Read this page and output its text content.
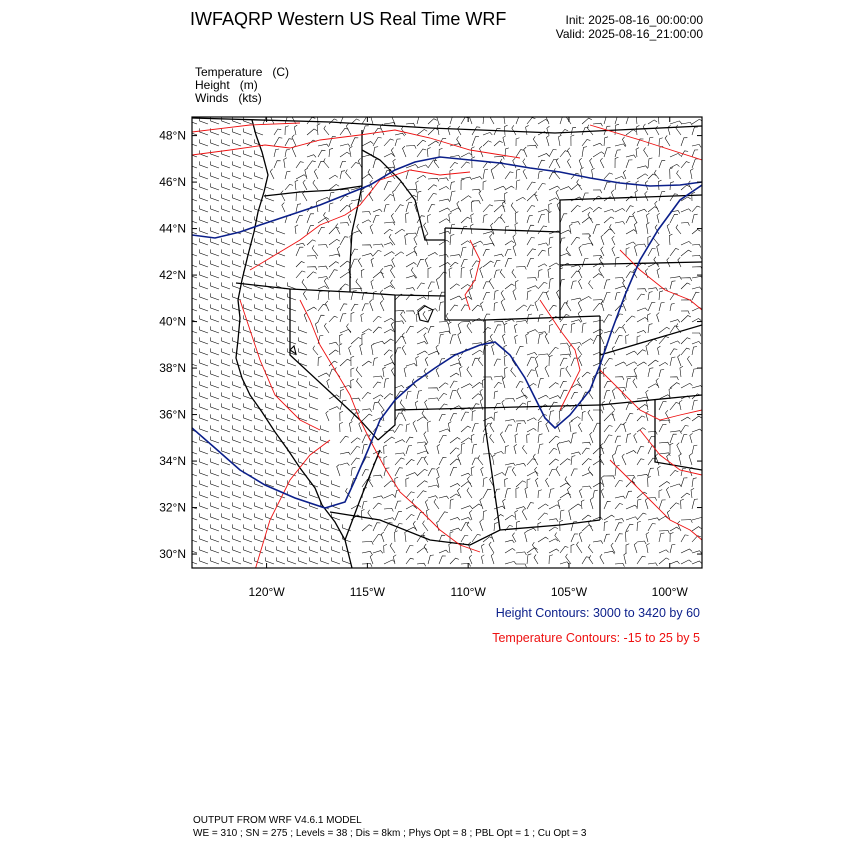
IWFAQRP Western US Real Time WRF	Init: 2025-08-16_00:00:00
Valid: 2025-08-16_21:00:00
Temperature (C)
Height (m)
Winds (kts)
48°N
46°N
44°N
42°N
40°N
38°N
36°N
34°N
32°N
30°N
120°W	115°W	110°W	105°W	100°W
Height Contours: 3000 to 3420 by 60
Temperature Contours: -15 to 25 by 5
OUTPUT FROM WRF V4.6.1 MODEL
WE = 310 ; SN = 275 ; Levels = 38 ; Dis = 8km ; Phys Opt = 8 ; PBL Opt = 1 ; Cu Opt = 3
